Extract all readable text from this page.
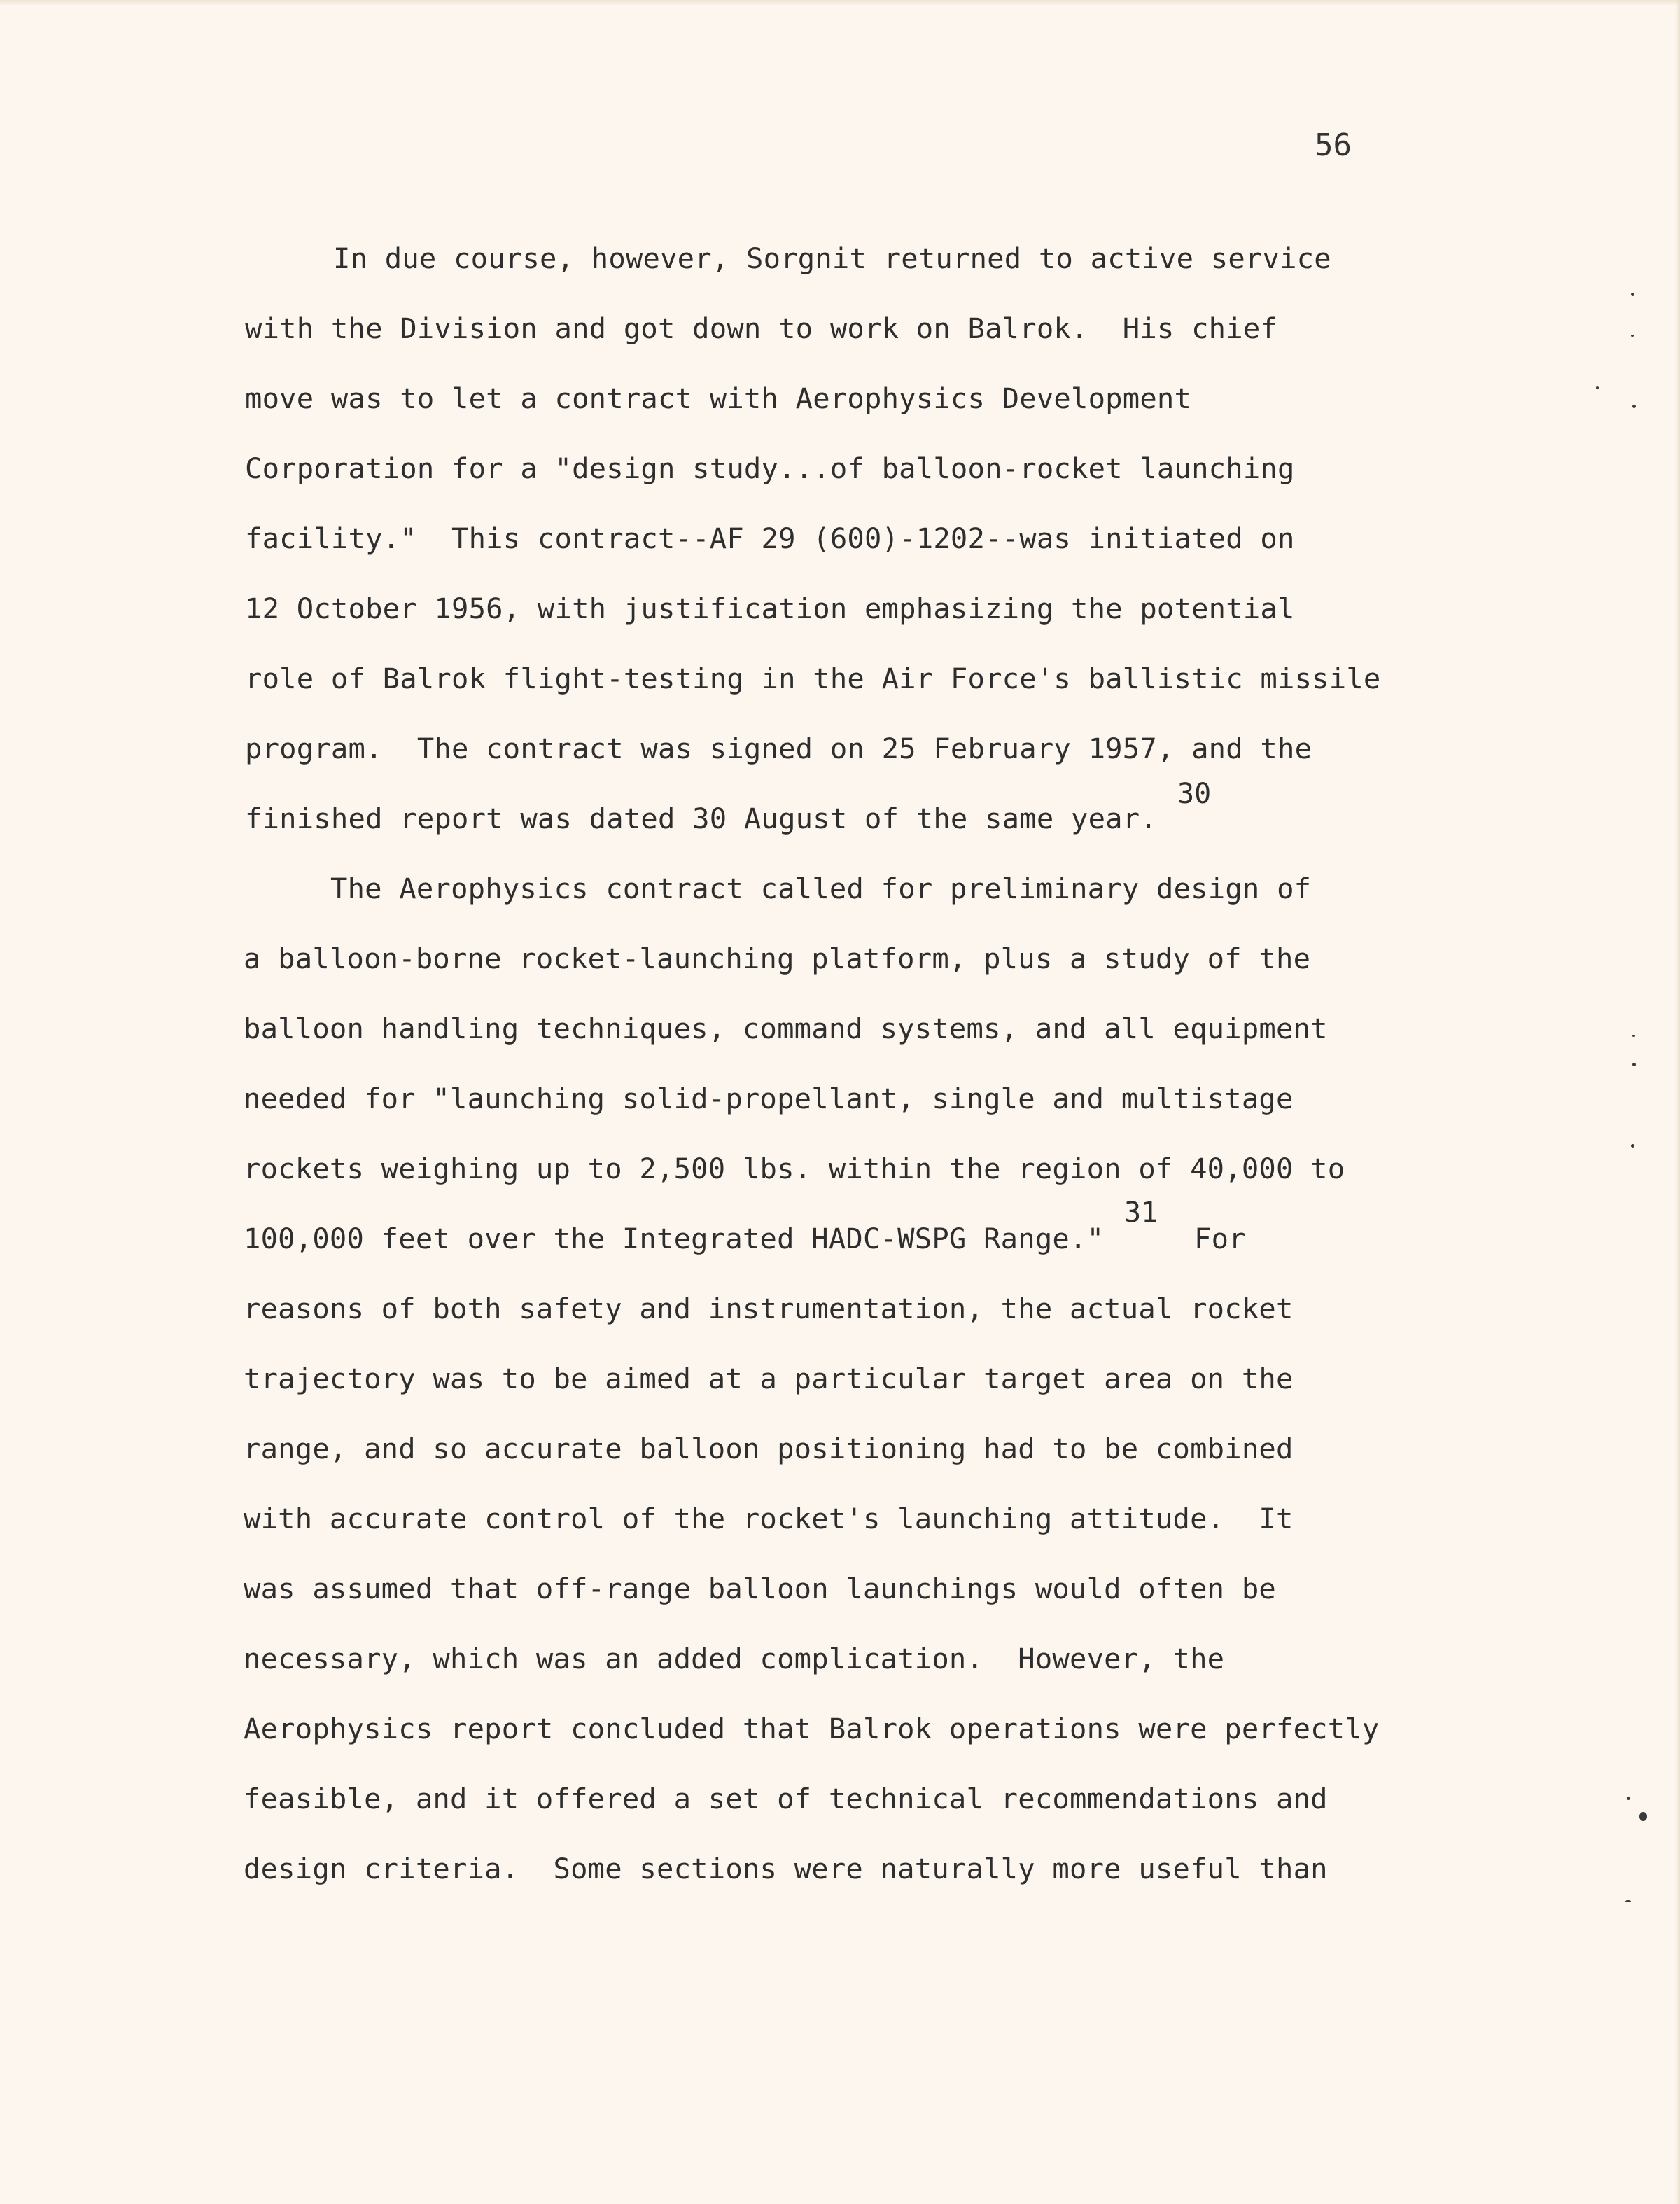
56
In due course, however, Sorgnit returned to active service
with the Division and got down to work on Balrok.  His chief
move was to let a contract with Aerophysics Development
Corporation for a "design study...of balloon-rocket launching
facility."  This contract--AF 29 (600)-1202--was initiated on
12 October 1956, with justification emphasizing the potential
role of Balrok flight-testing in the Air Force's ballistic missile
program.  The contract was signed on 25 February 1957, and the
finished report was dated 30 August of the same year.
30
The Aerophysics contract called for preliminary design of
a balloon-borne rocket-launching platform, plus a study of the
balloon handling techniques, command systems, and all equipment
needed for "launching solid-propellant, single and multistage
rockets weighing up to 2,500 lbs. within the region of 40,000 to
100,000 feet over the Integrated HADC-WSPG Range."
31
For
reasons of both safety and instrumentation, the actual rocket
trajectory was to be aimed at a particular target area on the
range, and so accurate balloon positioning had to be combined
with accurate control of the rocket's launching attitude.  It
was assumed that off-range balloon launchings would often be
necessary, which was an added complication.  However, the
Aerophysics report concluded that Balrok operations were perfectly
feasible, and it offered a set of technical recommendations and
design criteria.  Some sections were naturally more useful than
